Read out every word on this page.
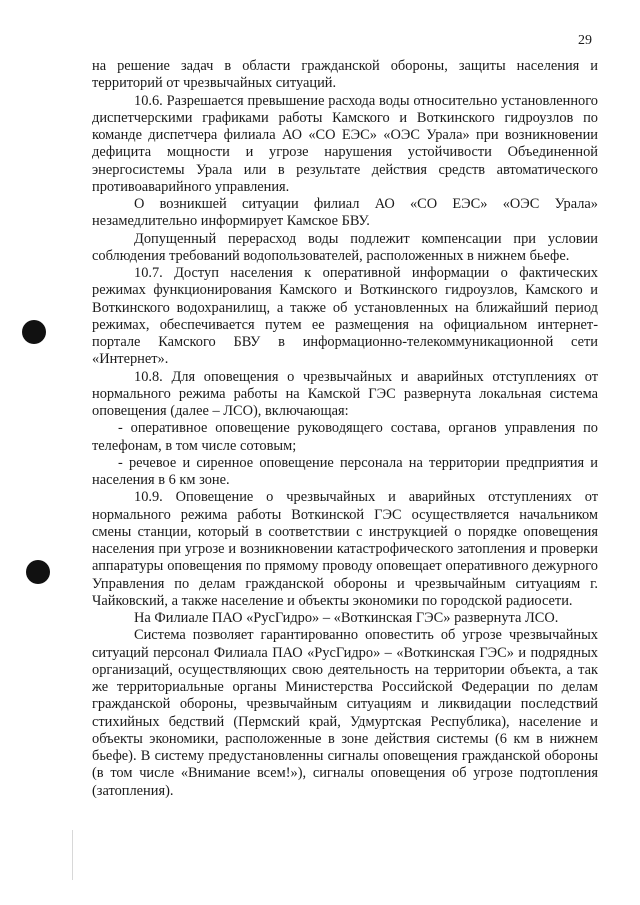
29

на решение задач в области гражданской обороны, защиты населения и территорий от чрезвычайных ситуаций.

10.6. Разрешается превышение расхода воды относительно установленного диспетчерскими графиками работы Камского и Воткинского гидроузлов по команде диспетчера филиала АО «СО ЕЭС» «ОЭС Урала» при возникновении дефицита мощности и угрозе нарушения устойчивости Объединенной энергосистемы Урала или в результате действия средств автоматического противоаварийного управления.

О возникшей ситуации филиал АО «СО ЕЭС» «ОЭС Урала» незамедлительно информирует Камское БВУ.

Допущенный перерасход воды подлежит компенсации при условии соблюдения требований водопользователей, расположенных в нижнем бьефе.

10.7. Доступ населения к оперативной информации о фактических режимах функционирования Камского и Воткинского гидроузлов, Камского и Воткинского водохранилищ, а также об установленных на ближайший период режимах, обеспечивается путем ее размещения на официальном интернет-портале Камского БВУ в информационно-телекоммуникационной сети «Интернет».

10.8. Для оповещения о чрезвычайных и аварийных отступлениях от нормального режима работы на Камской ГЭС развернута локальная система оповещения (далее – ЛСО), включающая:

- оперативное оповещение руководящего состава, органов управления по телефонам, в том числе сотовым;

- речевое и сиренное оповещение персонала на территории предприятия и населения в 6 км зоне.

10.9. Оповещение о чрезвычайных и аварийных отступлениях от нормального режима работы Воткинской ГЭС осуществляется начальником смены станции, который в соответствии с инструкцией о порядке оповещения населения при угрозе и возникновении катастрофического затопления и проверки аппаратуры оповещения по прямому проводу оповещает оперативного дежурного Управления по делам гражданской обороны и чрезвычайным ситуациям г. Чайковский, а также население и объекты экономики по городской радиосети.

На Филиале ПАО «РусГидро» – «Воткинская ГЭС» развернута ЛСО.

Система позволяет гарантированно оповестить об угрозе чрезвычайных ситуаций персонал Филиала ПАО «РусГидро» – «Воткинская ГЭС» и подрядных организаций, осуществляющих свою деятельность на территории объекта, а так же территориальные органы Министерства Российской Федерации по делам гражданской обороны, чрезвычайным ситуациям и ликвидации последствий стихийных бедствий (Пермский край, Удмуртская Республика), население и объекты экономики, расположенные в зоне действия системы (6 км в нижнем бьефе). В систему предустановленны сигналы оповещения гражданской обороны (в том числе «Внимание всем!»), сигналы оповещения об угрозе подтопления (затопления).
